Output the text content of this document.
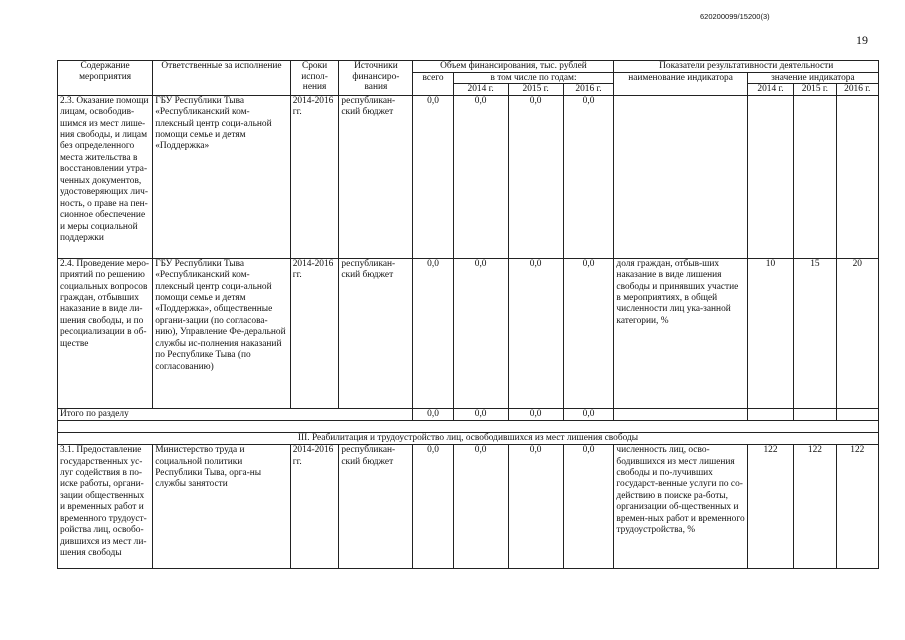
620200099/15200(3)
19
Содержание мероприятия	Ответственные за исполнение	Сроки испол-нения	Источники финансиро-вания	Объем финансирования, тыс. рублей				Показатели результативности деятельности			
				всего	в том числе по годам:			наименование индикатора	значение индикатора		
					2014 г.	2015 г.	2016 г.		2014 г.	2015 г.	2016 г.
2.3. Оказание помощи лицам, освободив-шимся из мест лише-ния свободы, и лицам без определенного места жительства в восстановлении утра-ченных документов, удостоверяющих лич-ность, о праве на пен-сионное обеспечение и меры социальной поддержки	ГБУ Республики Тыва «Республиканский ком-плексный центр соци-альной помощи семье и детям «Поддержка»	2014-2016 гг.	республикан-ский бюджет	0,0	0,0	0,0	0,0				
2.4. Проведение меро-приятий по решению социальных вопросов граждан, отбывших наказание в виде ли-шения свободы, и по ресоциализации в об-ществе	ГБУ Республики Тыва «Республиканский ком-плексный центр соци-альной помощи семье и детям «Поддержка», общественные органи-зации (по согласова-нию), Управление Фе-деральной службы ис-полнения наказаний по Республике Тыва (по согласованию)	2014-2016 гг.	республикан-ский бюджет	0,0	0,0	0,0	0,0	доля граждан, отбыв-ших наказание в виде лишения свободы и принявших участие в мероприятиях, в общей численности лиц ука-занной категории, %	10	15	20
Итого по разделу				0,0	0,0	0,0	0,0				

III. Реабилитация и трудоустройство лиц, освободившихся из мест лишения свободы											
3.1. Предоставление государственных ус-луг содействия в по-иске работы, органи-зации общественных и временных работ и временного трудоуст-ройства лиц, освобо-дившихся из мест ли-шения свободы	Министерство труда и социальной политики Республики Тыва, орга-ны службы занятости	2014-2016 гг.	республикан-ский бюджет	0,0	0,0	0,0	0,0	численность лиц, осво-бодившихся из мест лишения свободы и по-лучивших государст-венные услуги по со-действию в поиске ра-боты, организации об-щественных и времен-ных работ и временного трудоустройства, %	122	122	122
